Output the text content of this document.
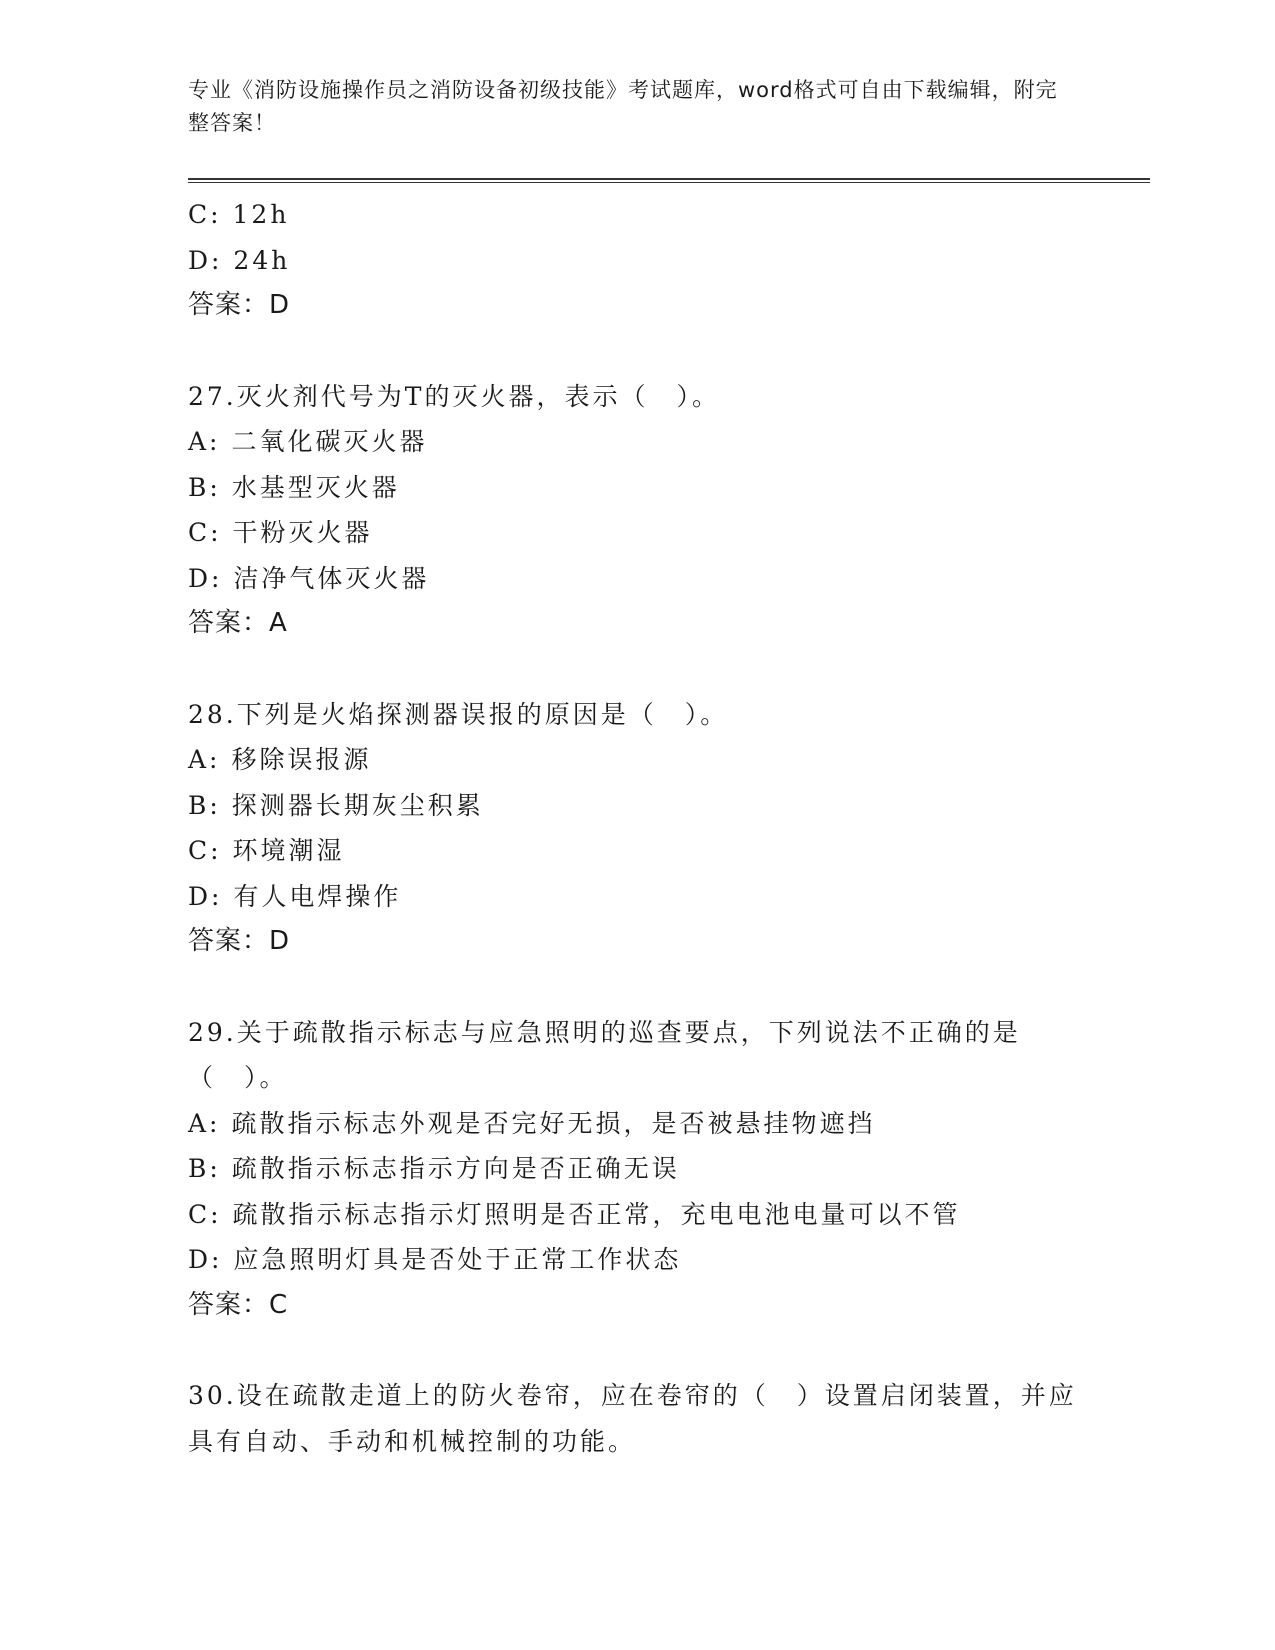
专业《消防设施操作员之消防设备初级技能》考试题库，word格式可自由下载编辑，附完整答案！
C: 12h
D: 24h
答案：D
27.灭火剂代号为T的灭火器，表示（　）。
A: 二氧化碳灭火器
B: 水基型灭火器
C: 干粉灭火器
D: 洁净气体灭火器
答案：A
28.下列是火焰探测器误报的原因是（　）。
A: 移除误报源
B: 探测器长期灰尘积累
C: 环境潮湿
D: 有人电焊操作
答案：D
29.关于疏散指示标志与应急照明的巡查要点，下列说法不正确的是（　）。
A: 疏散指示标志外观是否完好无损，是否被悬挂物遮挡
B: 疏散指示标志指示方向是否正确无误
C: 疏散指示标志指示灯照明是否正常，充电电池电量可以不管
D: 应急照明灯具是否处于正常工作状态
答案：C
30.设在疏散走道上的防火卷帘，应在卷帘的（　）设置启闭装置，并应具有自动、手动和机械控制的功能。
